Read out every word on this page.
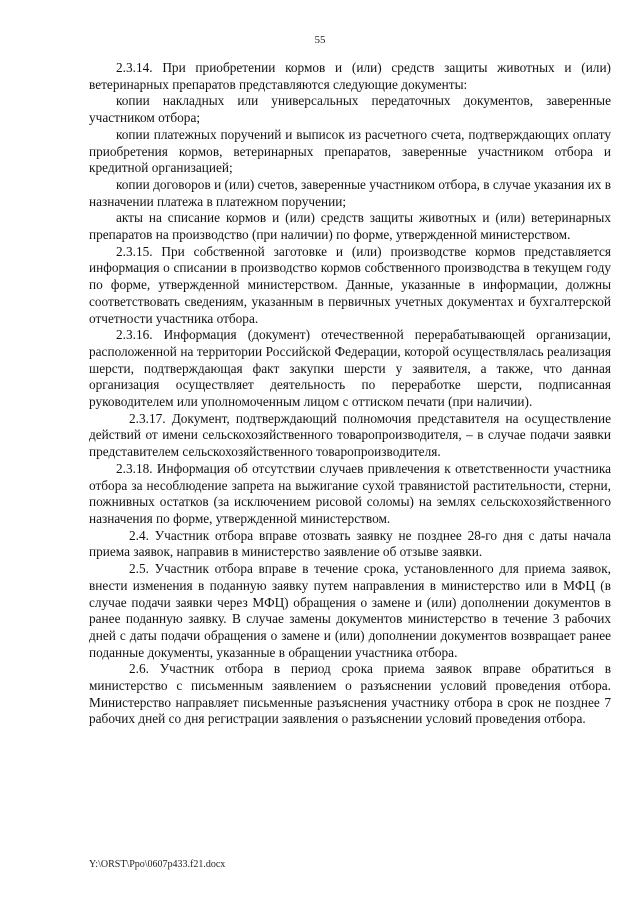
55

2.3.14. При приобретении кормов и (или) средств защиты животных и (или) ветеринарных препаратов представляются следующие документы:

копии накладных или универсальных передаточных документов, заверенные участником отбора;

копии платежных поручений и выписок из расчетного счета, подтверждающих оплату приобретения кормов, ветеринарных препаратов, заверенные участником отбора и кредитной организацией;

копии договоров и (или) счетов, заверенные участником отбора, в случае указания их в назначении платежа в платежном поручении;

акты на списание кормов и (или) средств защиты животных и (или) ветеринарных препаратов на производство (при наличии) по форме, утвержденной министерством.

2.3.15. При собственной заготовке и (или) производстве кормов представляется информация о списании в производство кормов собственного производства в текущем году по форме, утвержденной министерством. Данные, указанные в информации, должны соответствовать сведениям, указанным в первичных учетных документах и бухгалтерской отчетности участника отбора.

2.3.16. Информация (документ) отечественной перерабатывающей организации, расположенной на территории Российской Федерации, которой осуществлялась реализация шерсти, подтверждающая факт закупки шерсти у заявителя, а также, что данная организация осуществляет деятельность по переработке шерсти, подписанная руководителем или уполномоченным лицом с оттиском печати (при наличии).

2.3.17. Документ, подтверждающий полномочия представителя на осуществление действий от имени сельскохозяйственного товаропроизводителя, – в случае подачи заявки представителем сельскохозяйственного товаропроизводителя.

2.3.18. Информация об отсутствии случаев привлечения к ответственности участника отбора за несоблюдение запрета на выжигание сухой травянистой растительности, стерни, пожнивных остатков (за исключением рисовой соломы) на землях сельскохозяйственного назначения по форме, утвержденной министерством.

2.4. Участник отбора вправе отозвать заявку не позднее 28-го дня с даты начала приема заявок, направив в министерство заявление об отзыве заявки.

2.5. Участник отбора вправе в течение срока, установленного для приема заявок, внести изменения в поданную заявку путем направления в министерство или в МФЦ (в случае подачи заявки через МФЦ) обращения о замене и (или) дополнении документов в ранее поданную заявку. В случае замены документов министерство в течение 3 рабочих дней с даты подачи обращения о замене и (или) дополнении документов возвращает ранее поданные документы, указанные в обращении участника отбора.

2.6. Участник отбора в период срока приема заявок вправе обратиться в министерство с письменным заявлением о разъяснении условий проведения отбора. Министерство направляет письменные разъяснения участнику отбора в срок не позднее 7 рабочих дней со дня регистрации заявления о разъяснении условий проведения отбора.

Y:\ORST\Ppo\0607p433.f21.docx
